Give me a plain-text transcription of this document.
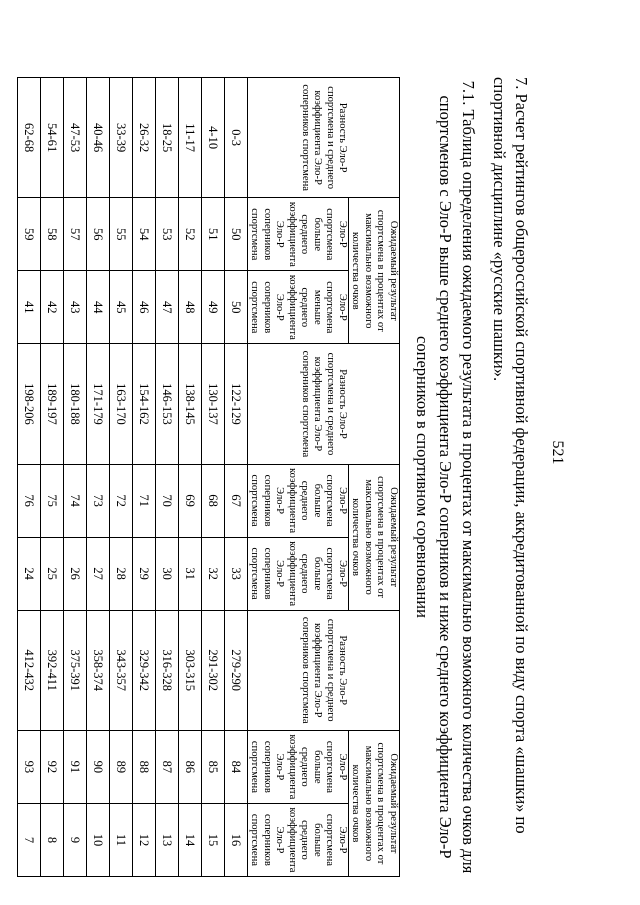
521
7. Расчет рейтингов общероссийской спортивной федерации, аккредитованной по виду спорта «шашки» по спортивной дисциплине «русские шашки».
7.1. Таблица определения ожидаемого результата в процентах от максимально возможного количества очков для спортсменов с Эло-Р выше среднего коэффициента Эло-Р соперников и ниже среднего коэффициента Эло-Р соперников в спортивном соревновании
Разность Эло-Р спортсмена и среднего коэффициента Эло-Р соперников спортсмена	Ожидаемый результат спортсмена в процентах от максимально возможного количества очков		Разность Эло-Р спортсмена и среднего коэффициента Эло-Р соперников спортсмена	Ожидаемый результат спортсмена в процентах от максимально возможного количества очков		Разность Эло-Р спортсмена и среднего коэффициента Эло-Р соперников спортсмена	Ожидаемый результат спортсмена в процентах от максимально возможного количества очков	
	Эло-Р спортсмена больше среднего коэффициента Эло-Р соперников спортсмена	Эло-Р спортсмена меньше среднего коэффициента Эло-Р соперников спортсмена		Эло-Р спортсмена больше среднего коэффициента Эло-Р соперников спортсмена	Эло-Р спортсмена больше среднего коэффициента Эло-Р соперников спортсмена		Эло-Р спортсмена больше среднего коэффициента Эло-Р соперников спортсмена	Эло-Р спортсмена больше среднего коэффициента Эло-Р соперников спортсмена
0-3	50	50	122-129	67	33	279-290	84	16
4-10	51	49	130-137	68	32	291-302	85	15
11-17	52	48	138-145	69	31	303-315	86	14
18-25	53	47	146-153	70	30	316-328	87	13
26-32	54	46	154-162	71	29	329-342	88	12
33-39	55	45	163-170	72	28	343-357	89	11
40-46	56	44	171-179	73	27	358-374	90	10
47-53	57	43	180-188	74	26	375-391	91	9
54-61	58	42	189-197	75	25	392-411	92	8
62-68	59	41	198-206	76	24	412-432	93	7
